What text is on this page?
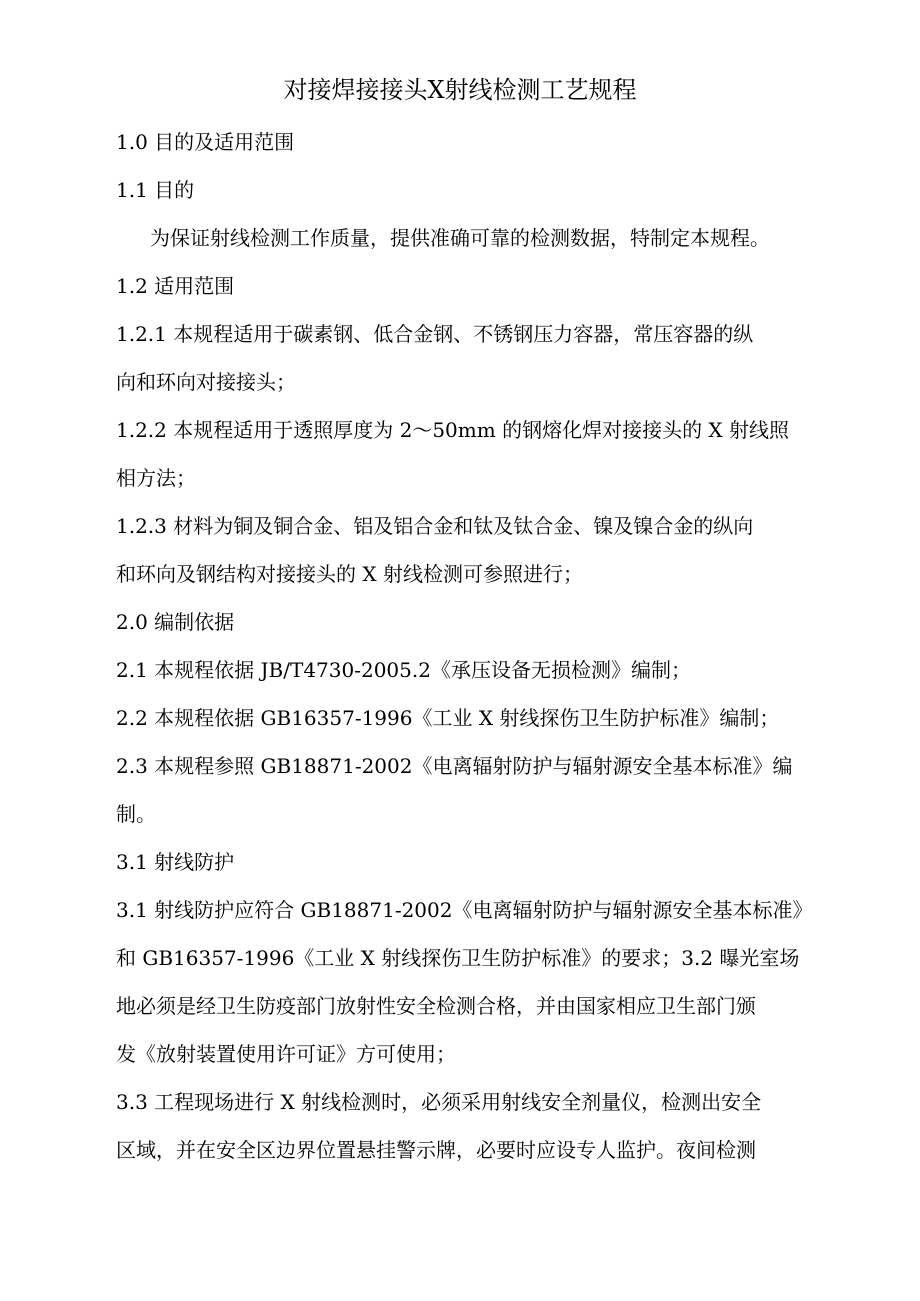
对接焊接接头X射线检测工艺规程
1.0 目的及适用范围
1.1 目的
为保证射线检测工作质量，提供准确可靠的检测数据，特制定本规程。
1.2 适用范围
1.2.1 本规程适用于碳素钢、低合金钢、不锈钢压力容器，常压容器的纵
向和环向对接接头；
1.2.2 本规程适用于透照厚度为 2～50mm 的钢熔化焊对接接头的 X 射线照
相方法；
1.2.3 材料为铜及铜合金、铝及铝合金和钛及钛合金、镍及镍合金的纵向
和环向及钢结构对接接头的 X 射线检测可参照进行；
2.0 编制依据
2.1 本规程依据 JB/T4730-2005.2《承压设备无损检测》编制；
2.2 本规程依据 GB16357-1996《工业 X 射线探伤卫生防护标准》编制；
2.3 本规程参照 GB18871-2002《电离辐射防护与辐射源安全基本标准》编
制。
3.1 射线防护
3.1 射线防护应符合 GB18871-2002《电离辐射防护与辐射源安全基本标准》
和 GB16357-1996《工业 X 射线探伤卫生防护标准》的要求；3.2 曝光室场
地必须是经卫生防疫部门放射性安全检测合格，并由国家相应卫生部门颁
发《放射装置使用许可证》方可使用；
3.3 工程现场进行 X 射线检测时，必须采用射线安全剂量仪，检测出安全
区域，并在安全区边界位置悬挂警示牌，必要时应设专人监护。夜间检测
